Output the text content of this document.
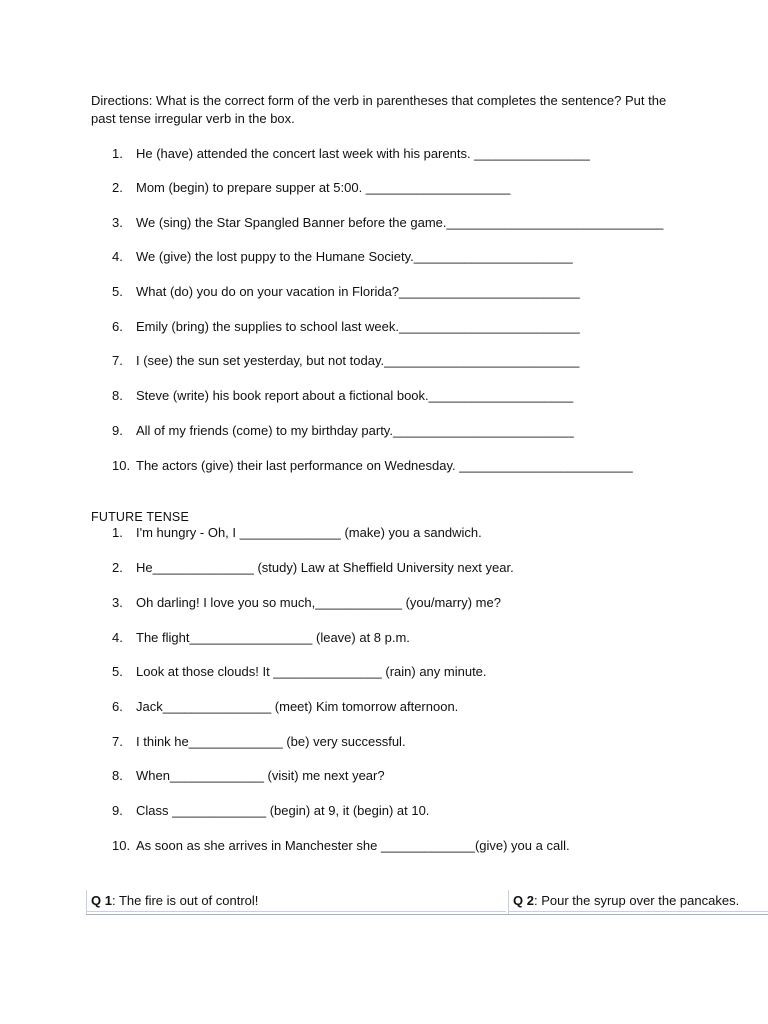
Directions: What is the correct form of the verb in parentheses that completes the sentence? Put the past tense irregular verb in the box.
1.	He (have) attended the concert last week with his parents. ________________
2.	Mom (begin) to prepare supper at 5:00. ____________________
3.	We (sing) the Star Spangled Banner before the game.______________________________
4.	We (give) the lost puppy to the Humane Society.______________________
5.	What (do) you do on your vacation in Florida?_________________________
6.	Emily (bring) the supplies to school last week._________________________
7.	I (see) the sun set yesterday, but not today.___________________________
8.	Steve (write) his book report about a fictional book.____________________
9.	All of my friends (come) to my birthday party._________________________
10. The actors (give) their last performance on Wednesday. ________________________
FUTURE TENSE
1.	I'm hungry - Oh, I ______________ (make) you a sandwich.
2.	He______________ (study) Law at Sheffield University next year.
3.	Oh darling! I love you so much,____________ (you/marry) me?
4.	The flight_________________ (leave) at 8 p.m.
5.	Look at those clouds! It _______________ (rain) any minute.
6.	Jack_______________ (meet) Kim tomorrow afternoon.
7.	I think he_____________ (be) very successful.
8.	When_____________ (visit) me next year?
9.	Class _____________ (begin) at 9, it (begin) at 10.
10. As soon as she arrives in Manchester she _____________(give) you a call.
Q 1: The fire is out of control!	Q 2: Pour the syrup over the pancakes.
